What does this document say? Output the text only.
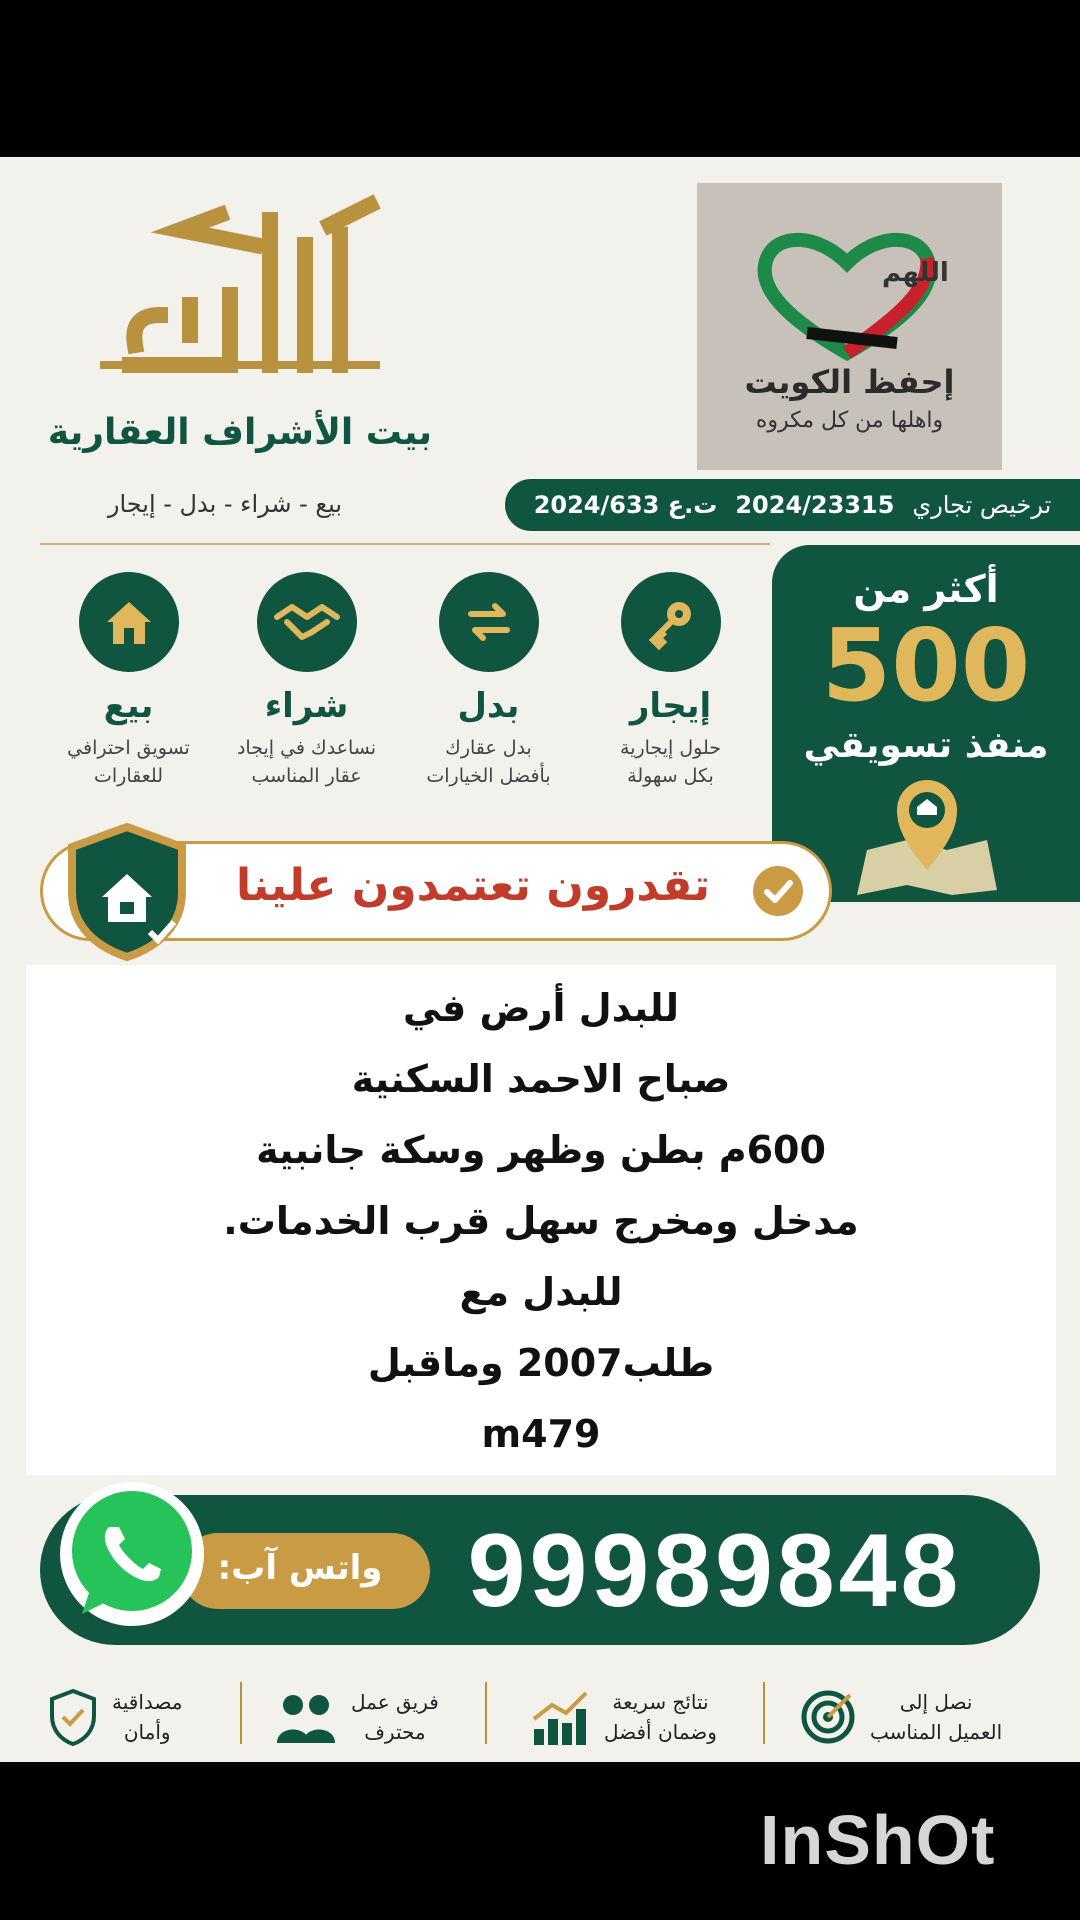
بيت الأشراف العقارية
بيع - شراء - بدل - إيجار
اللهم
إحفظ الكويت
واهلها من كل مكروه
ت.ع 2024/633 2024/23315 ترخيص تجاري
أكثر من
500
منفذ تسويقي
إيجار
حلول إيجارية
بكل سهولة
بدل
بدل عقارك
بأفضل الخيارات
شراء
نساعدك في إيجاد
عقار المناسب
بيع
تسويق احترافي
للعقارات
تقدرون تعتمدون علينا
للبدل أرض في
صباح الاحمد السكنية
600م بطن وظهر وسكة جانبية
مدخل ومخرج سهل قرب الخدمات.
للبدل مع
طلب2007 وماقبل
m479
99989848
واتس آب:
نصل إلى
العميل المناسب
نتائج سريعة
وضمان أفضل
فريق عمل
محترف
مصداقية
وأمان
InShOt
